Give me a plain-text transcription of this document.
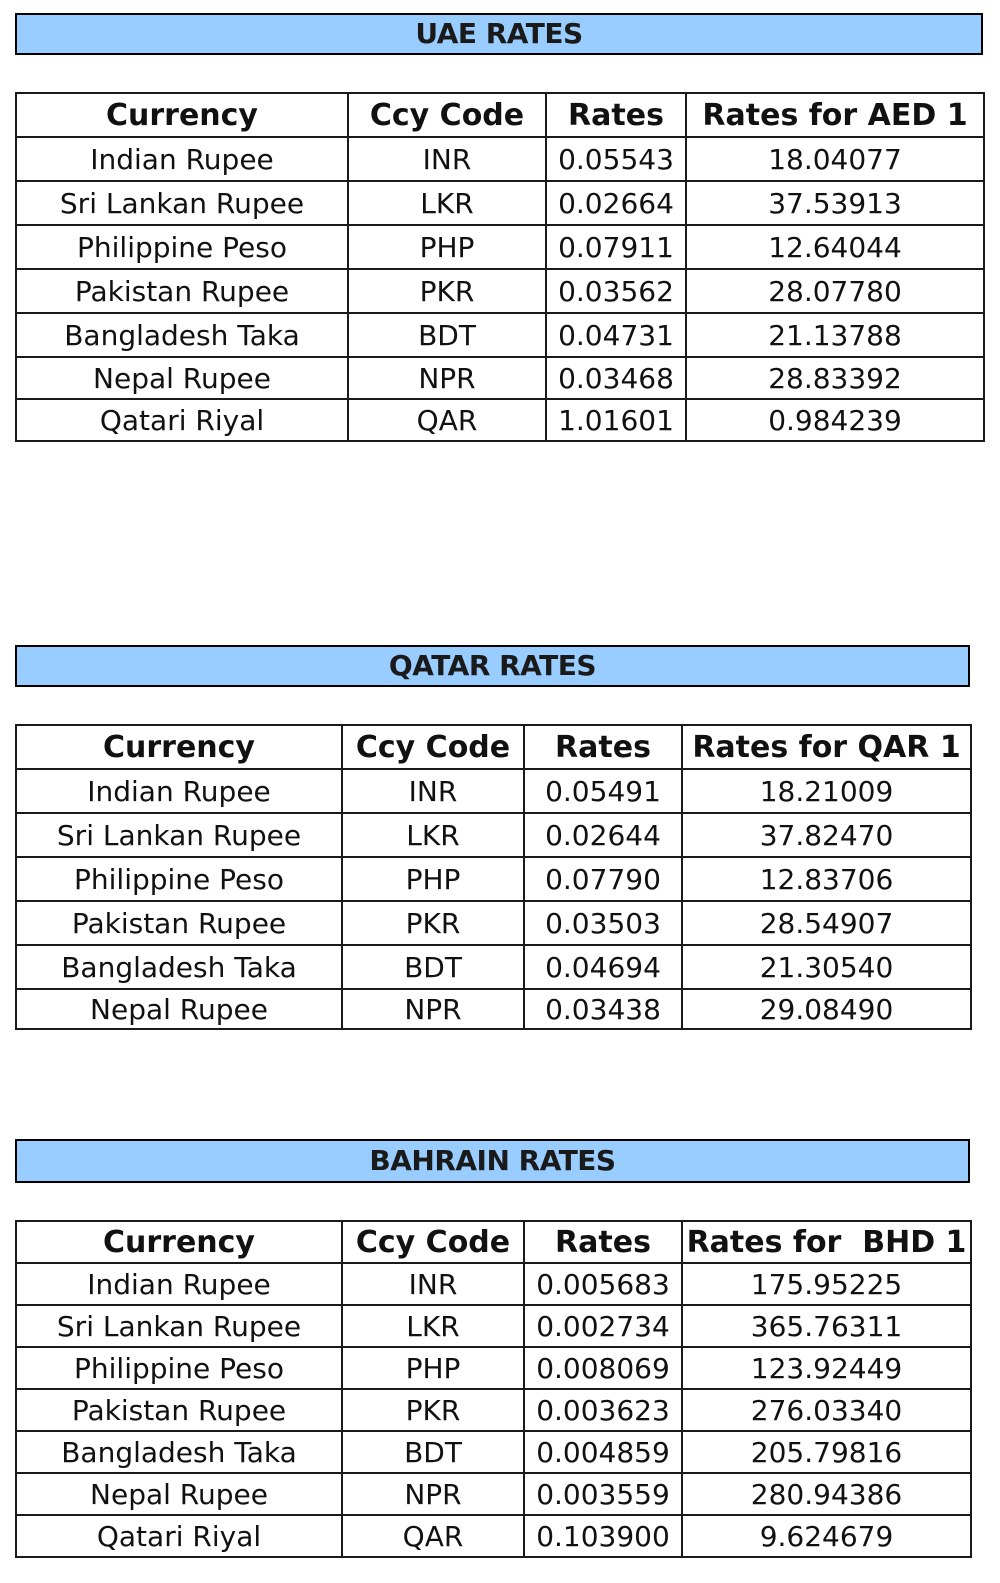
UAE RATES
Currency	Ccy Code	Rates	Rates for AED 1
Indian Rupee	INR	0.05543	18.04077
Sri Lankan Rupee	LKR	0.02664	37.53913
Philippine Peso	PHP	0.07911	12.64044
Pakistan Rupee	PKR	0.03562	28.07780
Bangladesh Taka	BDT	0.04731	21.13788
Nepal Rupee	NPR	0.03468	28.83392
Qatari Riyal	QAR	1.01601	0.984239
QATAR RATES
Currency	Ccy Code	Rates	Rates for QAR 1
Indian Rupee	INR	0.05491	18.21009
Sri Lankan Rupee	LKR	0.02644	37.82470
Philippine Peso	PHP	0.07790	12.83706
Pakistan Rupee	PKR	0.03503	28.54907
Bangladesh Taka	BDT	0.04694	21.30540
Nepal Rupee	NPR	0.03438	29.08490
BAHRAIN RATES
Currency	Ccy Code	Rates	Rates for  BHD 1
Indian Rupee	INR	0.005683	175.95225
Sri Lankan Rupee	LKR	0.002734	365.76311
Philippine Peso	PHP	0.008069	123.92449
Pakistan Rupee	PKR	0.003623	276.03340
Bangladesh Taka	BDT	0.004859	205.79816
Nepal Rupee	NPR	0.003559	280.94386
Qatari Riyal	QAR	0.103900	9.624679
